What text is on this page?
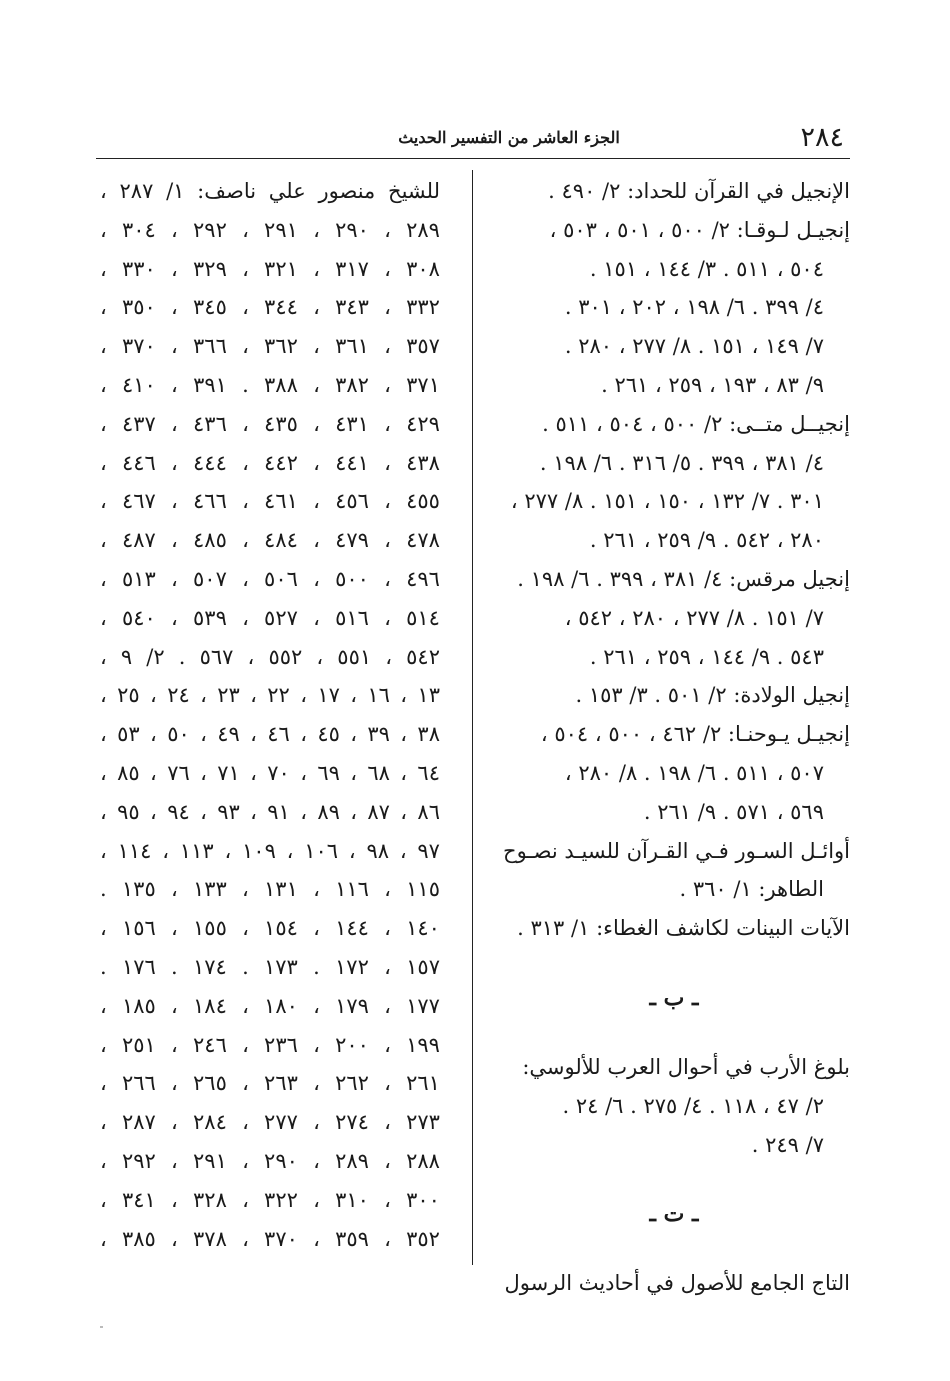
٢٨٤
الجزء العاشر من التفسير الحديث
الإنجيل في القرآن للحداد: ٢/ ٤٩٠ .
إنجيـل لـوقـا: ٢/ ٥٠٠ ، ٥٠١ ، ٥٠٣ ،
٥٠٤ ، ٥١١ . ٣/ ١٤٤ ، ١٥١ .
٤/ ٣٩٩ . ٦/ ١٩٨ ، ٢٠٢ ، ٣٠١ .
٧/ ١٤٩ ، ١٥١ . ٨/ ٢٧٧ ، ٢٨٠ .
٩/ ٨٣ ، ١٩٣ ، ٢٥٩ ، ٢٦١ .
إنجيــل متــى: ٢/ ٥٠٠ ، ٥٠٤ ، ٥١١ .
٤/ ٣٨١ ، ٣٩٩ . ٥/ ٣١٦ . ٦/ ١٩٨ .
٣٠١ . ٧/ ١٣٢ ، ١٥٠ ، ١٥١ . ٨/ ٢٧٧ ،
٢٨٠ ، ٥٤٢ . ٩/ ٢٥٩ ، ٢٦١ .
إنجيل مرقس: ٤/ ٣٨١ ، ٣٩٩ . ٦/ ١٩٨ .
٧/ ١٥١ . ٨/ ٢٧٧ ، ٢٨٠ ، ٥٤٢ ،
٥٤٣ . ٩/ ١٤٤ ، ٢٥٩ ، ٢٦١ .
إنجيل الولادة: ٢/ ٥٠١ . ٣/ ١٥٣ .
إنجيـل يـوحنـا: ٢/ ٤٦٢ ، ٥٠٠ ، ٥٠٤ ،
٥٠٧ ، ٥١١ . ٦/ ١٩٨ . ٨/ ٢٨٠ ،
٥٦٩ ، ٥٧١ . ٩/ ٢٦١ .
أوائـل السـور فـي القـرآن للسيـد نصـوح
الطاهر: ١/ ٣٦٠ .
الآيات البينات لكاشف الغطاء: ١/ ٣١٣ .
ـ ب ـ
بلوغ الأرب في أحوال العرب للألوسي:
٢/ ٤٧ ، ١١٨ . ٤/ ٢٧٥ . ٦/ ٢٤ .
٧/ ٢٤٩ .
ـ ت ـ
التاج الجامع للأصول في أحاديث الرسول
للشيخ منصور علي ناصف: ١/ ٢٨٧ ،
٢٨٩ ، ٢٩٠ ، ٢٩١ ، ٢٩٢ ، ٣٠٤ ،
٣٠٨ ، ٣١٧ ، ٣٢١ ، ٣٢٩ ، ٣٣٠ ،
٣٣٢ ، ٣٤٣ ، ٣٤٤ ، ٣٤٥ ، ٣٥٠ ،
٣٥٧ ، ٣٦١ ، ٣٦٢ ، ٣٦٦ ، ٣٧٠ ،
٣٧١ ، ٣٨٢ ، ٣٨٨ . ٣٩١ ، ٤١٠ ،
٤٢٩ ، ٤٣١ ، ٤٣٥ ، ٤٣٦ ، ٤٣٧ ،
٤٣٨ ، ٤٤١ ، ٤٤٢ ، ٤٤٤ ، ٤٤٦ ،
٤٥٥ ، ٤٥٦ ، ٤٦١ ، ٤٦٦ ، ٤٦٧ ،
٤٧٨ ، ٤٧٩ ، ٤٨٤ ، ٤٨٥ ، ٤٨٧ ،
٤٩٦ ، ٥٠٠ ، ٥٠٦ ، ٥٠٧ ، ٥١٣ ،
٥١٤ ، ٥١٦ ، ٥٢٧ ، ٥٣٩ ، ٥٤٠ ،
٥٤٢ ، ٥٥١ ، ٥٥٢ ، ٥٦٧ . ٢/ ٩ ،
١٣ ، ١٦ ، ١٧ ، ٢٢ ، ٢٣ ، ٢٤ ، ٢٥ ،
٣٨ ، ٣٩ ، ٤٥ ، ٤٦ ، ٤٩ ، ٥٠ ، ٥٣ ،
٦٤ ، ٦٨ ، ٦٩ ، ٧٠ ، ٧١ ، ٧٦ ، ٨٥ ،
٨٦ ، ٨٧ ، ٨٩ ، ٩١ ، ٩٣ ، ٩٤ ، ٩٥ ،
٩٧ ، ٩٨ ، ١٠٦ ، ١٠٩ ، ١١٣ ، ١١٤ ،
١١٥ ، ١١٦ ، ١٣١ ، ١٣٣ ، ١٣٥ .
١٤٠ ، ١٤٤ ، ١٥٤ ، ١٥٥ ، ١٥٦ ،
١٥٧ ، ١٧٢ . ١٧٣ . ١٧٤ . ١٧٦ .
١٧٧ ، ١٧٩ ، ١٨٠ ، ١٨٤ ، ١٨٥ ،
١٩٩ ، ٢٠٠ ، ٢٣٦ ، ٢٤٦ ، ٢٥١ ،
٢٦١ ، ٢٦٢ ، ٢٦٣ ، ٢٦٥ ، ٢٦٦ ،
٢٧٣ ، ٢٧٤ ، ٢٧٧ ، ٢٨٤ ، ٢٨٧ ،
٢٨٨ ، ٢٨٩ ، ٢٩٠ ، ٢٩١ ، ٢٩٢ ،
٣٠٠ ، ٣١٠ ، ٣٢٢ ، ٣٢٨ ، ٣٤١ ،
٣٥٢ ، ٣٥٩ ، ٣٧٠ ، ٣٧٨ ، ٣٨٥ ،
